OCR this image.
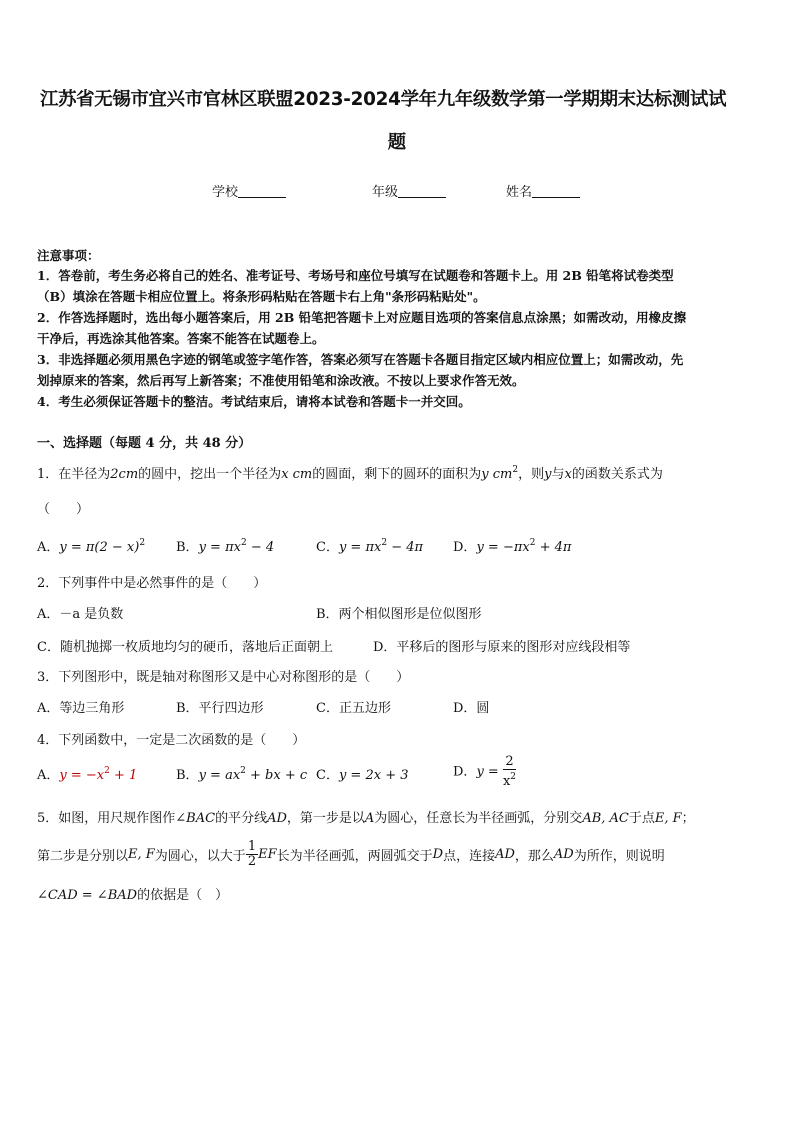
江苏省无锡市宜兴市官林区联盟2023-2024学年九年级数学第一学期期末达标测试试
题
学校	年级	姓名
注意事项：
1．答卷前，考生务必将自己的姓名、准考证号、考场号和座位号填写在试题卷和答题卡上。用 2B 铅笔将试卷类型
（B）填涂在答题卡相应位置上。将条形码粘贴在答题卡右上角"条形码粘贴处"。
2．作答选择题时，选出每小题答案后，用 2B 铅笔把答题卡上对应题目选项的答案信息点涂黑；如需改动，用橡皮擦
干净后，再选涂其他答案。答案不能答在试题卷上。
3．非选择题必须用黑色字迹的钢笔或签字笔作答，答案必须写在答题卡各题目指定区域内相应位置上；如需改动，先
划掉原来的答案，然后再写上新答案；不准使用铅笔和涂改液。不按以上要求作答无效。
4．考生必须保证答题卡的整洁。考试结束后，请将本试卷和答题卡一并交回。
一、选择题（每题 4 分，共 48 分）
1．在半径为2cm的圆中，挖出一个半径为x cm的圆面，剩下的圆环的面积为y $cm^2$，则y与x的函数关系式为
（　　）
A．$y = \pi(2 - x)^2$ B．$y = \pi x^2 - 4$	C．$y = \pi x^2 - 4\pi$ D．$y = -\pi x^2 + 4\pi$
2．下列事件中是必然事件的是（　　）
A．－a 是负数	B．两个相似图形是位似图形
C．随机抛掷一枚质地均匀的硬币，落地后正面朝上	D．平移后的图形与原来的图形对应线段相等
3．下列图形中，既是轴对称图形又是中心对称图形的是（　　）
A．等边三角形	B．平行四边形	C．正五边形	D．圆
4．下列函数中，一定是二次函数的是（　　）
A．$y = -x^2 + 1$	B．$y = ax^2$ + bx + c C．y = 2x + 3	D．$y = \frac{2}{x^2}$
5．如图，用尺规作图作∠BAC的平分线AD，第一步是以A为圆心，任意长为半径画弧，分别交AB, AC于点E, F；
第二步是分别以E, F为圆心，以大于 $\frac{1}{2}$ EF长为半径画弧，两圆弧交于D点，连接AD，那么AD为所作，则说明
∠CAD = ∠BAD的依据是（　）
